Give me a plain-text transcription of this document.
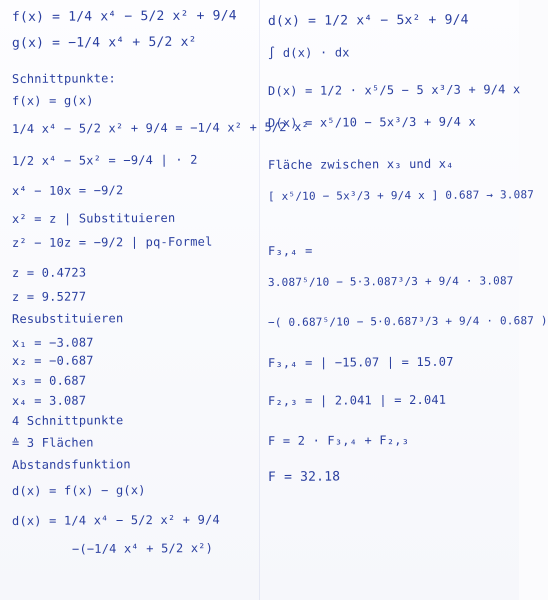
f(x) = 1/4 x⁴ − 5/2 x² + 9/4
g(x) = −1/4 x⁴ + 5/2 x²
Schnittpunkte:
f(x) = g(x)
1/4 x⁴ − 5/2 x² + 9/4 = −1/4 x² + 5/2 x²
1/2 x⁴ − 5x² = −9/4 | · 2
x⁴ − 10x = −9/2
x² = z | Substituieren
z² − 10z = −9/2 | pq-Formel
z = 0.4723
z = 9.5277
Resubstituieren
x₁ = −3.087
x₂ = −0.687
x₃ = 0.687
x₄ = 3.087
4 Schnittpunkte
≙ 3 Flächen
Abstandsfunktion
d(x) = f(x) − g(x)
d(x) = 1/4 x⁴ − 5/2 x² + 9/4
−(−1/4 x⁴ + 5/2 x²)
d(x) = 1/2 x⁴ − 5x² + 9/4
∫ d(x) · dx
D(x) = 1/2 · x⁵/5 − 5 x³/3 + 9/4 x
D(x) = x⁵/10 − 5x³/3 + 9/4 x
Fläche zwischen x₃ und x₄
[ x⁵/10 − 5x³/3 + 9/4 x ] 0.687 → 3.087
F₃,₄ =
3.087⁵/10 − 5·3.087³/3 + 9/4 · 3.087
−( 0.687⁵/10 − 5·0.687³/3 + 9/4 · 0.687 )
F₃,₄ = | −15.07 | = 15.07
F₂,₃ = | 2.041 | = 2.041
F = 2 · F₃,₄ + F₂,₃
F = 32.18
